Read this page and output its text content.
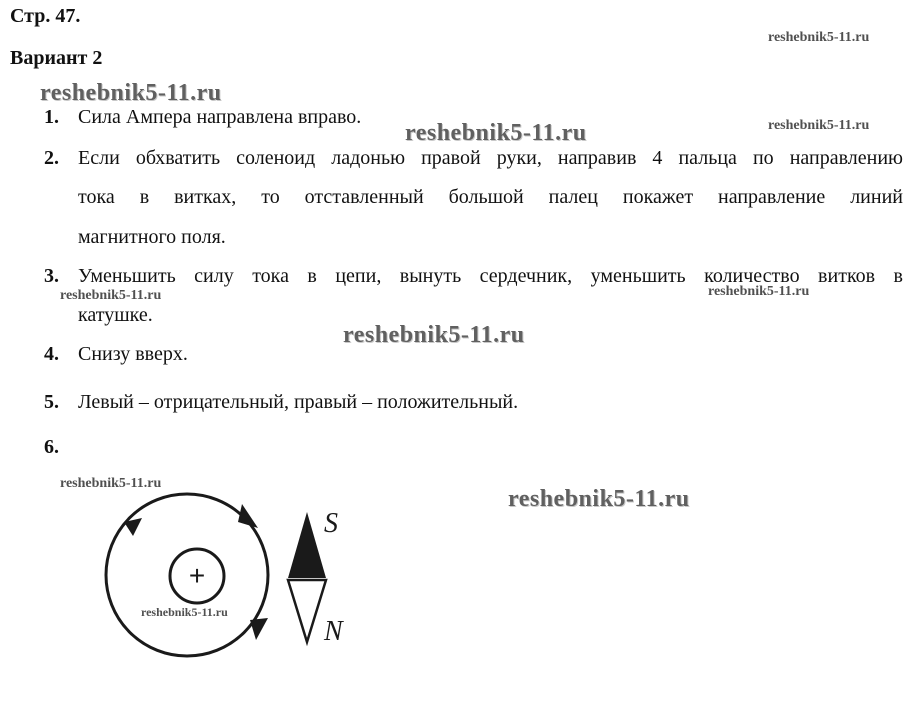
Стр. 47.
Вариант 2
1. Сила Ампера направлена вправо.
2. Если обхватить соленоид ладонью правой руки, направив 4 пальца по направлению
тока в витках, то отставленный большой палец покажет направление линий
магнитного поля.
3. Уменьшить силу тока в цепи, вынуть сердечник, уменьшить количество витков в
катушке.
4. Снизу вверх.
5. Левый – отрицательный, правый – положительный.
6.
+
S
N
reshebnik5-11.ru
reshebnik5-11.ru
reshebnik5-11.ru	reshebnik5-11.ru
reshebnik5-11.ru	reshebnik5-11.ru
reshebnik5-11.ru
reshebnik5-11.ru
reshebnik5-11.ru
reshebnik5-11.ru
